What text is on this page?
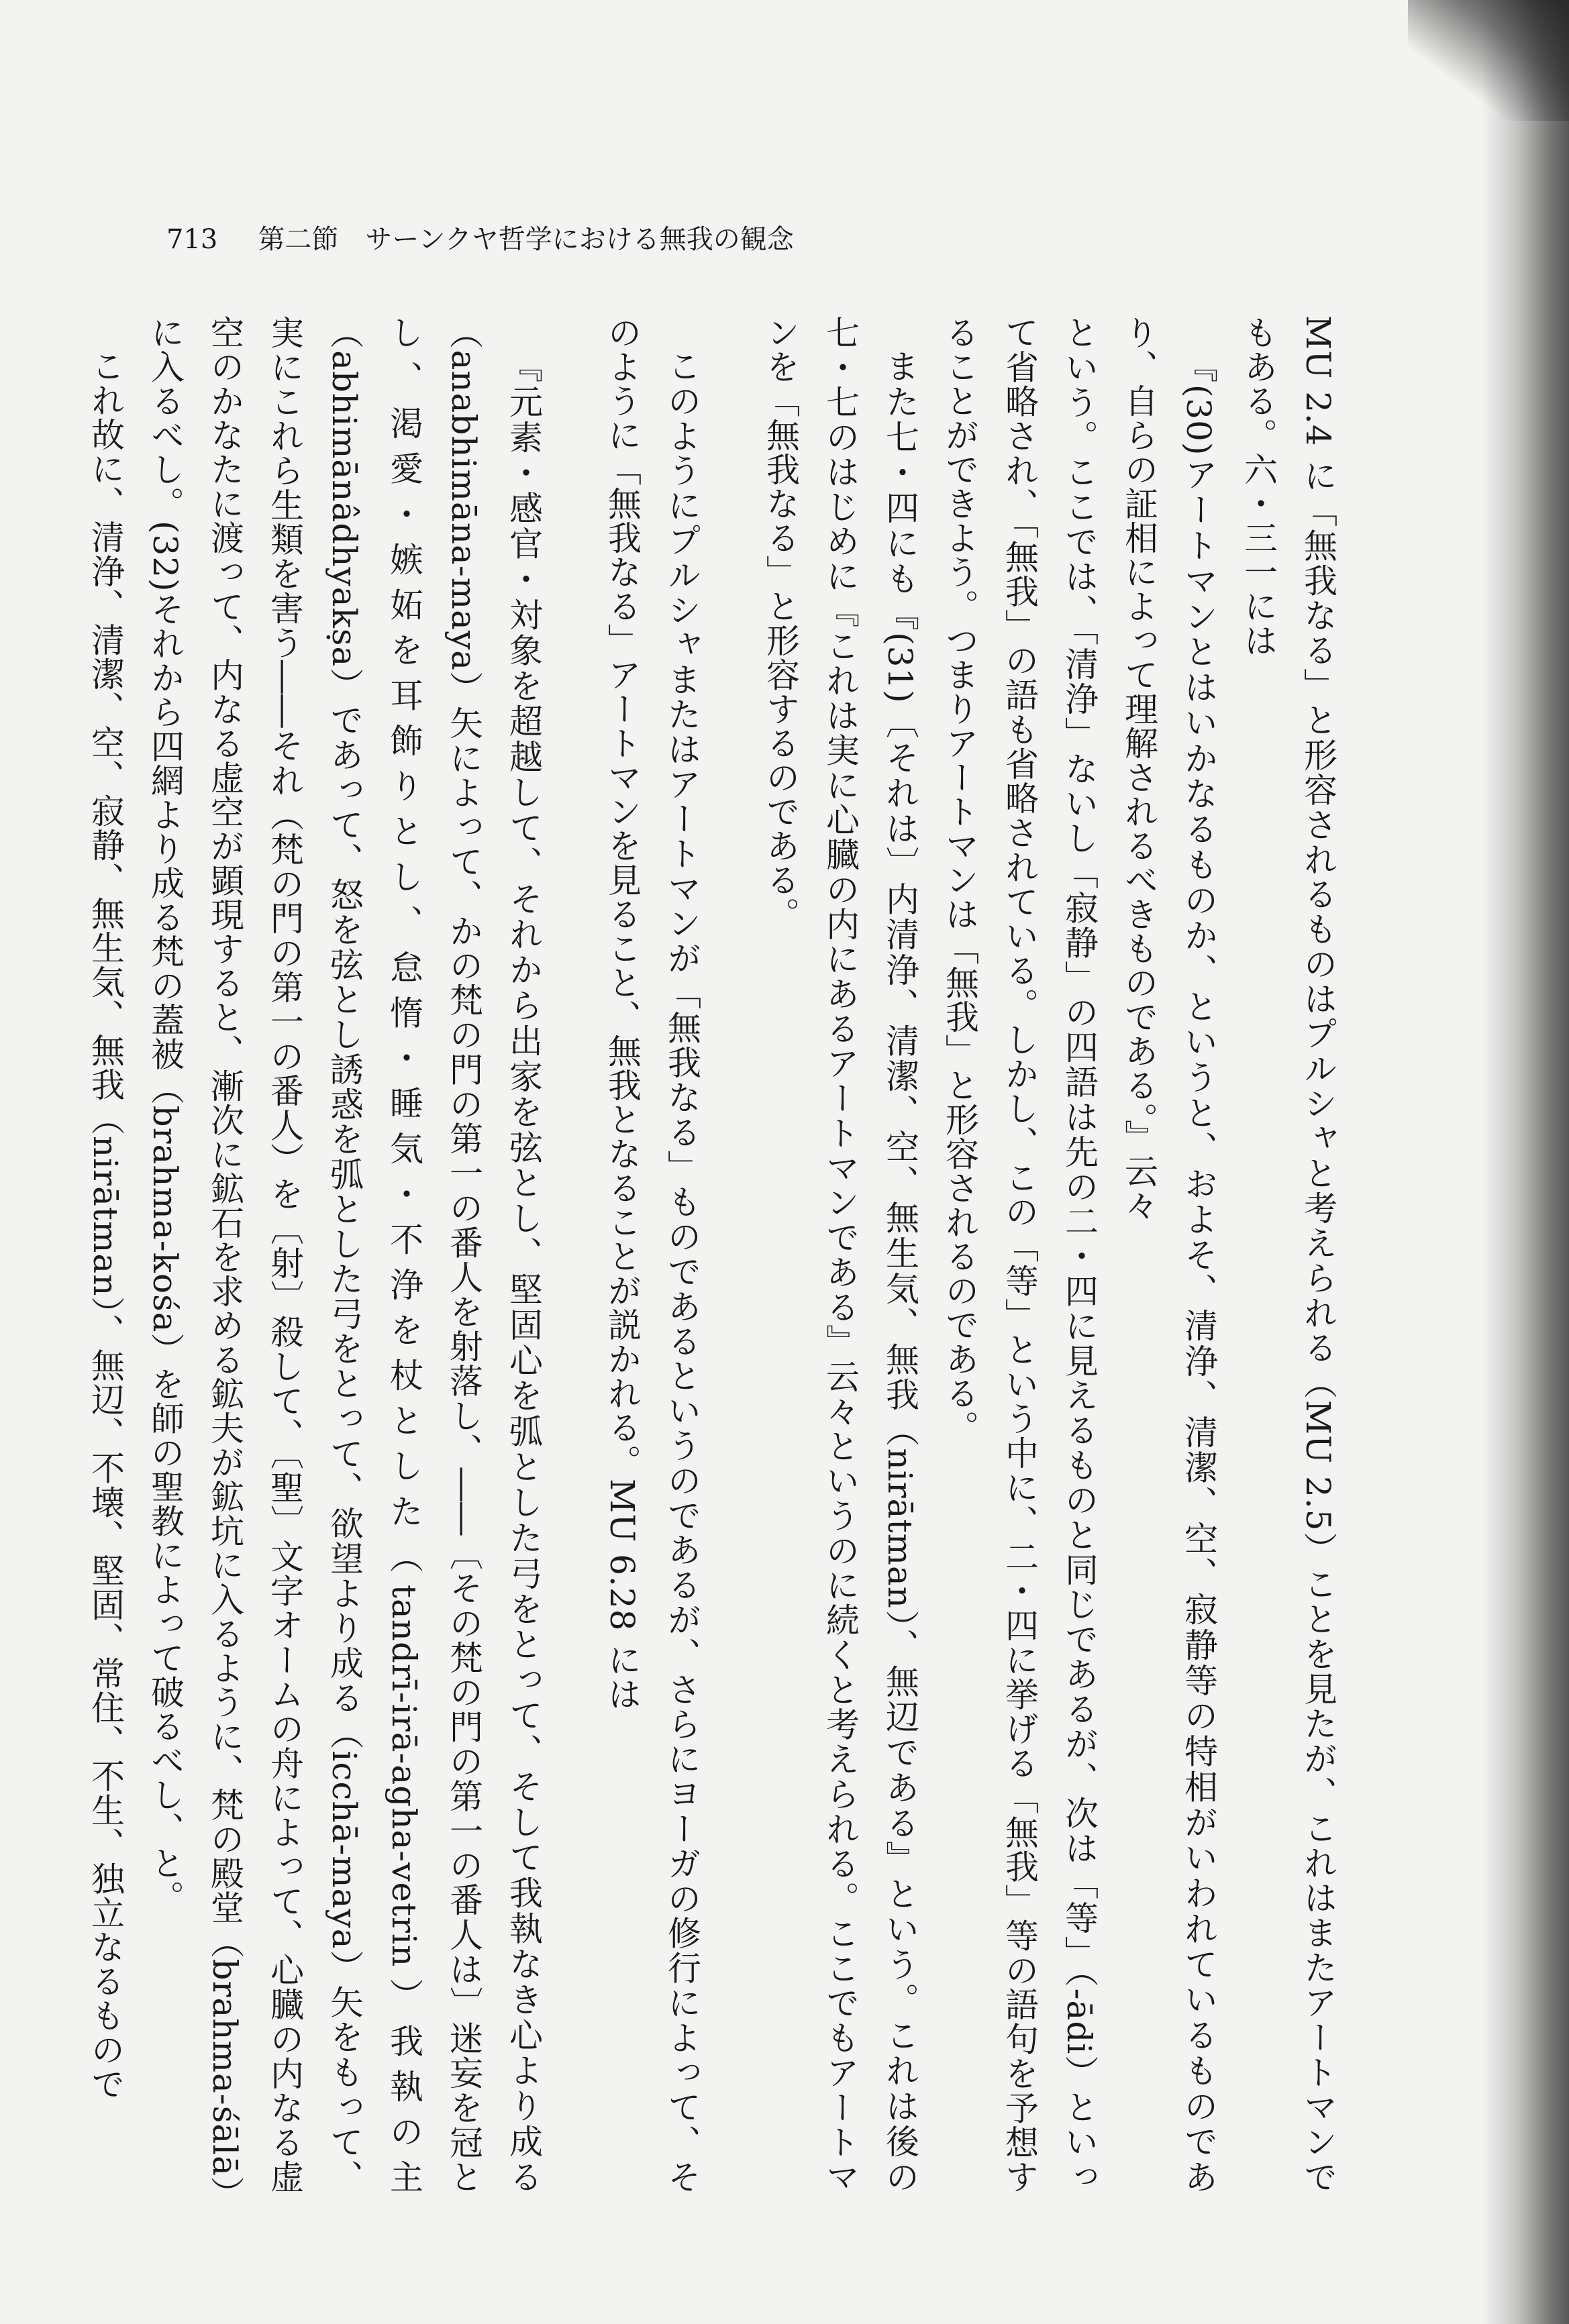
713 第二節　サーンクヤ哲学における無我の観念

MU 2.4 に「無我なる」と形容されるものはプルシャと考えられる（MU 2.5）ことを見たが、これはまたアートマンでもある。六・三一には

『(30)アートマンとはいかなるものか、というと、およそ、清浄、清潔、空、寂静等の特相がいわれているものであり、自らの証相によって理解されるべきものである。』云々

という。ここでは、「清浄」ないし「寂静」の四語は先の二・四に見えるものと同じであるが、次は「等」（-ādi）といって省略され、「無我」の語も省略されている。しかし、この「等」という中に、二・四に挙げる「無我」等の語句を予想することができよう。つまりアートマンは「無我」と形容されるのである。

また七・四にも『(31)〔それは〕内清浄、清潔、空、無生気、無我（nirātman）、無辺である』という。これは後の七・七のはじめに『これは実に心臓の内にあるアートマンである』云々というのに続くと考えられる。ここでもアートマンを「無我なる」と形容するのである。

このようにプルシャまたはアートマンが「無我なる」ものであるというのであるが、さらにヨーガの修行によって、そのように「無我なる」アートマンを見ること、無我となることが説かれる。MU 6.28 には

『元素・感官・対象を超越して、それから出家を弦とし、堅固心を弧とした弓をとって、そして我執なき心より成る（anabhimāna-maya）矢によって、かの梵の門の第一の番人を射落し、――〔その梵の門の第一の番人は〕迷妄を冠とし、渇愛・嫉妬を耳飾りとし、怠惰・睡気・不浄を杖とした（tandrī-irā-agha-vetrin）我執の主（abhimānâdhyakṣa）であって、怒を弦とし誘惑を弧とした弓をとって、欲望より成る（icchā-maya）矢をもって、実にこれら生類を害う――それ（梵の門の第一の番人）を〔射〕殺して、〔聖〕文字オームの舟によって、心臓の内なる虚空のかなたに渡って、内なる虚空が顕現すると、漸次に鉱石を求める鉱夫が鉱坑に入るように、梵の殿堂（brahma-śālā）に入るべし。(32)それから四網より成る梵の蓋被（brahma-kośa）を師の聖教によって破るべし、と。

これ故に、清浄、清潔、空、寂静、無生気、無我（nirātman）、無辺、不壊、堅固、常住、不生、独立なるもので
